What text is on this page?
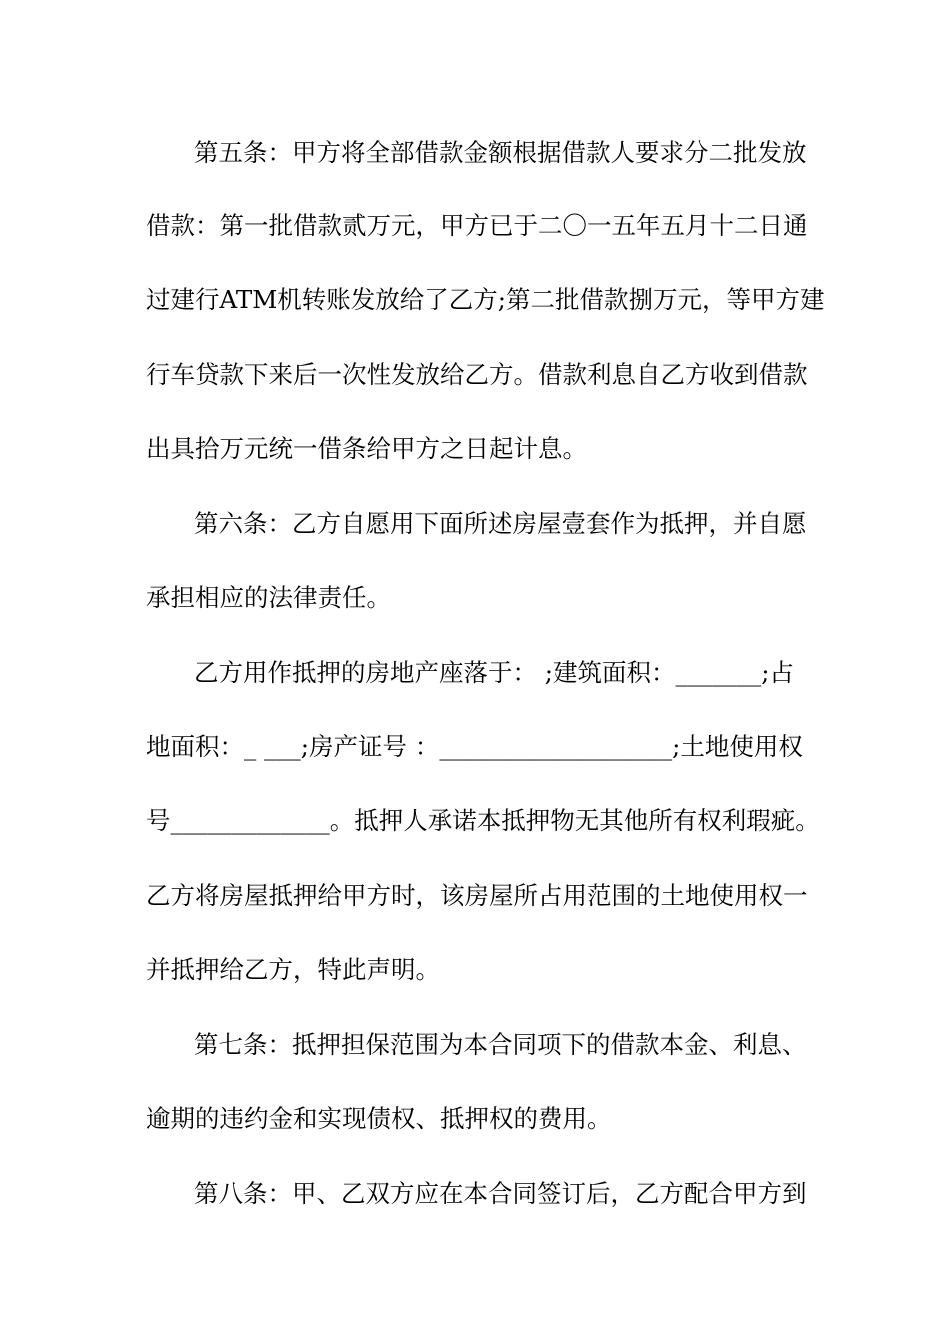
第五条：甲方将全部借款金额根据借款人要求分二批发放
借款：第一批借款贰万元，甲方已于二〇一五年五月十二日通
过建行ATM机转账发放给了乙方;第二批借款捌万元，等甲方建
行车贷款下来后一次性发放给乙方。借款利息自乙方收到借款
出具拾万元统一借条给甲方之日起计息。
第六条：乙方自愿用下面所述房屋壹套作为抵押，并自愿
承担相应的法律责任。
乙方用作抵押的房地产座落于： ;建筑面积：_______;占
地面积：_ ___;房产证号 ：___________________;土地使用权
号_____________。抵押人承诺本抵押物无其他所有权利瑕疵。
乙方将房屋抵押给甲方时，该房屋所占用范围的土地使用权一
并抵押给乙方，特此声明。
第七条：抵押担保范围为本合同项下的借款本金、利息、
逾期的违约金和实现债权、抵押权的费用。
第八条：甲、乙双方应在本合同签订后，乙方配合甲方到
